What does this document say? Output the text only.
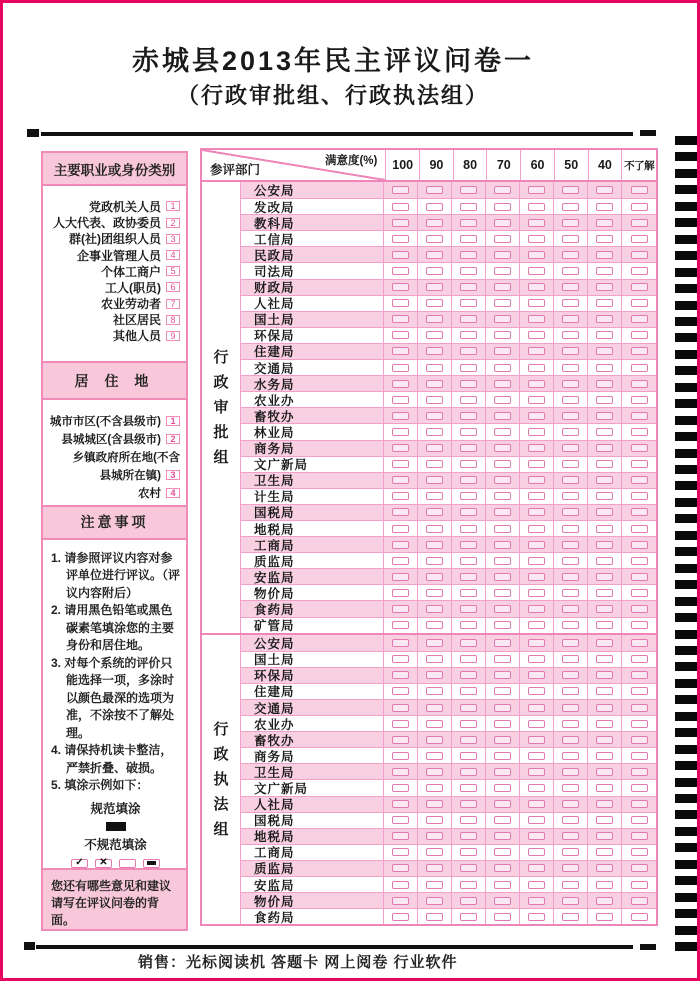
赤城县2013年民主评议问卷一
（行政审批组、行政执法组）
主要职业或身份类别
党政机关人员	1
人大代表、政协委员	2
群(社)团组织人员	3
企事业管理人员	4
个体工商户	5
工人(职员)	6
农业劳动者	7
社区居民	8
其他人员	9
居 住 地
城市市区(不含县级市)	1
县城城区(含县级市)	2
乡镇政府所在地(不含
县城所在镇)	3
农村	4
注意事项
1. 请参照评议内容对参评单位进行评议。（评议内容附后）
2. 请用黑色铅笔或黑色碳素笔填涂您的主要身份和居住地。
3. 对每个系统的评价只能选择一项，多涂时以颜色最深的选项为准，不涂按不了解处理。
4. 请保持机读卡整洁，严禁折叠、破损。
5. 填涂示例如下：
规范填涂
不规范填涂
✓ ✕
您还有哪些意见和建议请写在评议问卷的背面。
参评部门
满意度(%)	100	90	80	70	60	50	40	不了解
行
政
审
批
组
公安局
发改局
教科局
工信局
民政局
司法局
财政局
人社局
国土局
环保局
住建局
交通局
水务局
农业办
畜牧办
林业局
商务局
文广新局
卫生局
计生局
国税局
地税局
工商局
质监局
安监局
物价局
食药局
矿管局
行
政
执
法
组
公安局
国土局
环保局
住建局
交通局
农业办
畜牧办
商务局
卫生局
文广新局
人社局
国税局
地税局
工商局
质监局
安监局
物价局
食药局
销售：光标阅读机 答题卡 网上阅卷 行业软件
